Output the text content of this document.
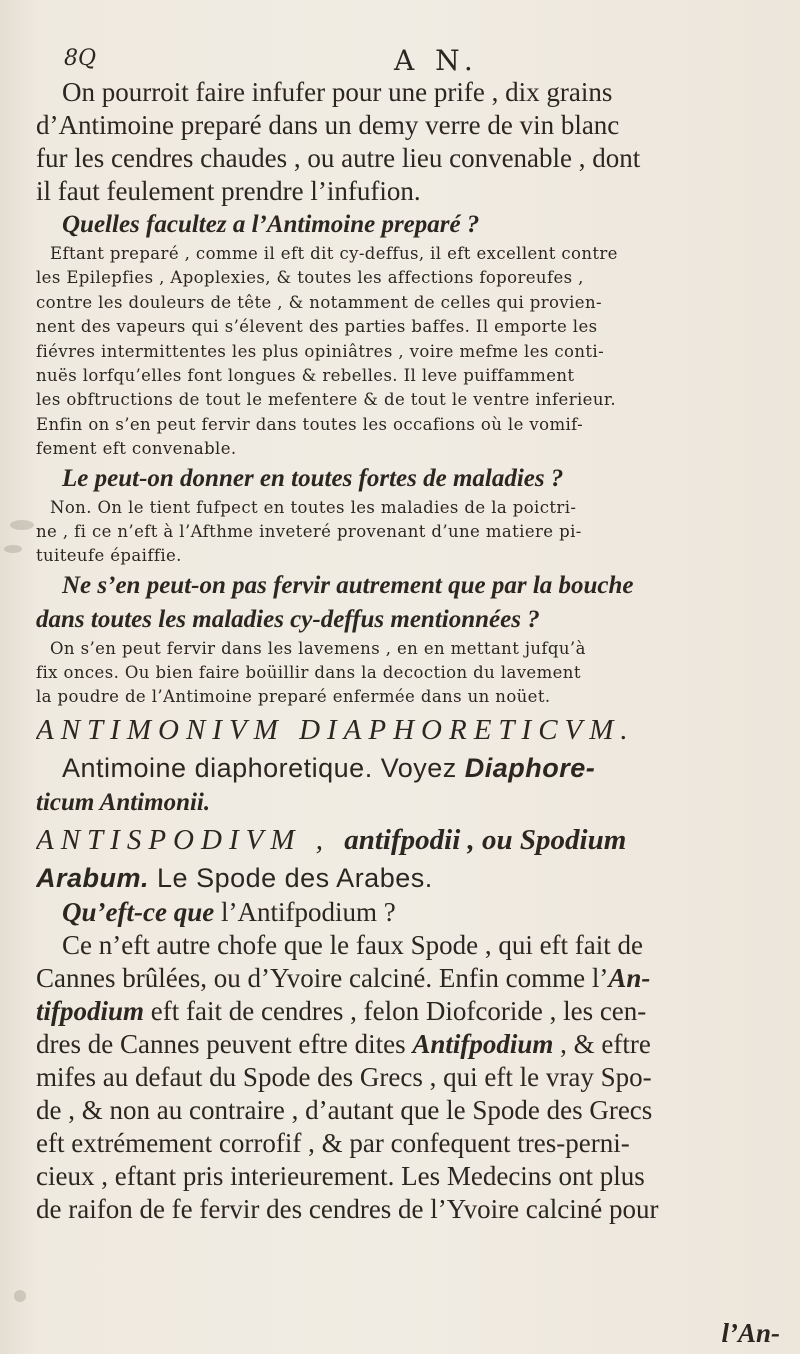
8Q	A N.
On pourroit faire infufer pour une prife , dix grains
d’Antimoine preparé dans un demy verre de vin blanc
fur les cendres chaudes , ou autre lieu convenable , dont
il faut feulement prendre l’infufion.
Quelles facultez a l’Antimoine preparé ?
Eftant preparé , comme il eft dit cy-deffus, il eft excellent contre
les Epilepfies , Apoplexies, & toutes les affections foporeufes ,
contre les douleurs de tête , & notamment de celles qui provien-
nent des vapeurs qui s’élevent des parties baffes. Il emporte les
fiévres intermittentes les plus opiniâtres , voire mefme les conti-
nuës lorfqu’elles font longues & rebelles. Il leve puiffamment
les obftructions de tout le mefentere & de tout le ventre inferieur.
Enfin on s’en peut fervir dans toutes les occafions où le vomif-
fement eft convenable.
Le peut-on donner en toutes fortes de maladies ?
Non. On le tient fufpect en toutes les maladies de la poictri-
ne , fi ce n’eft à l’Afthme inveteré provenant d’une matiere pi-
tuiteufe épaiffie.
Ne s’en peut-on pas fervir autrement que par la bouche
dans toutes les maladies cy-deffus mentionnées ?
On s’en peut fervir dans les lavemens , en en mettant jufqu’à
fix onces. Ou bien faire boüillir dans la decoction du lavement
la poudre de l’Antimoine preparé enfermée dans un noüet.
ANTIMONIVM DIAPHORETICVM.
Antimoine diaphoretique. Voyez Diaphore-
ticum Antimonii.
ANTISPODIVM , antifpodii , ou Spodium
Arabum. Le Spode des Arabes.
Qu’eft-ce que l’Antifpodium ?
Ce n’eft autre chofe que le faux Spode , qui eft fait de
Cannes brûlées, ou d’Yvoire calciné. Enfin comme l’An-
tifpodium eft fait de cendres , felon Diofcoride , les cen-
dres de Cannes peuvent eftre dites Antifpodium , & eftre
mifes au defaut du Spode des Grecs , qui eft le vray Spo-
de , & non au contraire , d’autant que le Spode des Grecs
eft extrémement corrofif , & par confequent tres-perni-
cieux , eftant pris interieurement. Les Medecins ont plus
de raifon de fe fervir des cendres de l’Yvoire calciné pour
l’An-
